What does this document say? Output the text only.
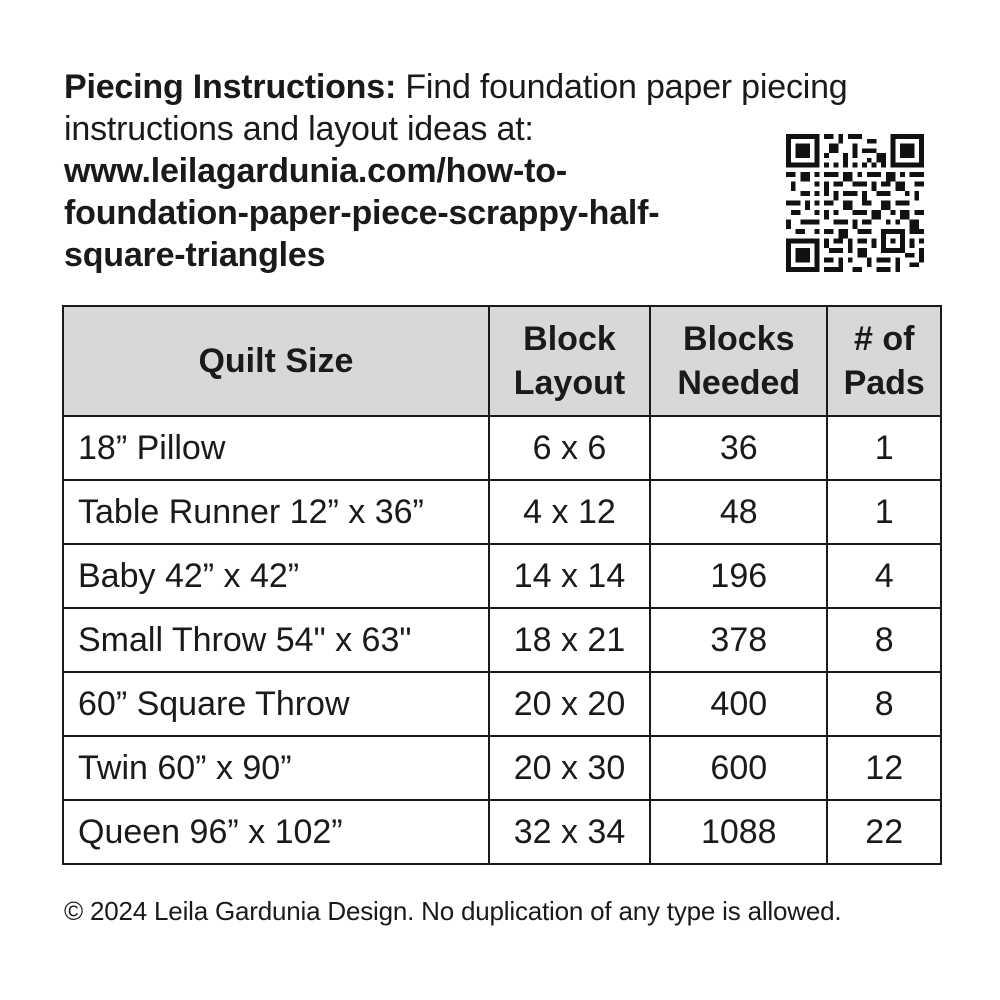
Piecing Instructions: Find foundation paper piecing instructions and layout ideas at:
www.leilagardunia.com/how-to-foundation-paper-piece-scrappy-half-square-triangles
Quilt Size	Block Layout	Blocks Needed	# of Pads
18” Pillow	6 x 6	36	1
Table Runner 12” x 36”	4 x 12	48	1
Baby 42” x 42”	14 x 14	196	4
Small Throw 54" x 63"	18 x 21	378	8
60” Square Throw	20 x 20	400	8
Twin 60” x 90”	20 x 30	600	12
Queen 96” x 102”	32 x 34	1088	22
© 2024 Leila Gardunia Design. No duplication of any type is allowed.
